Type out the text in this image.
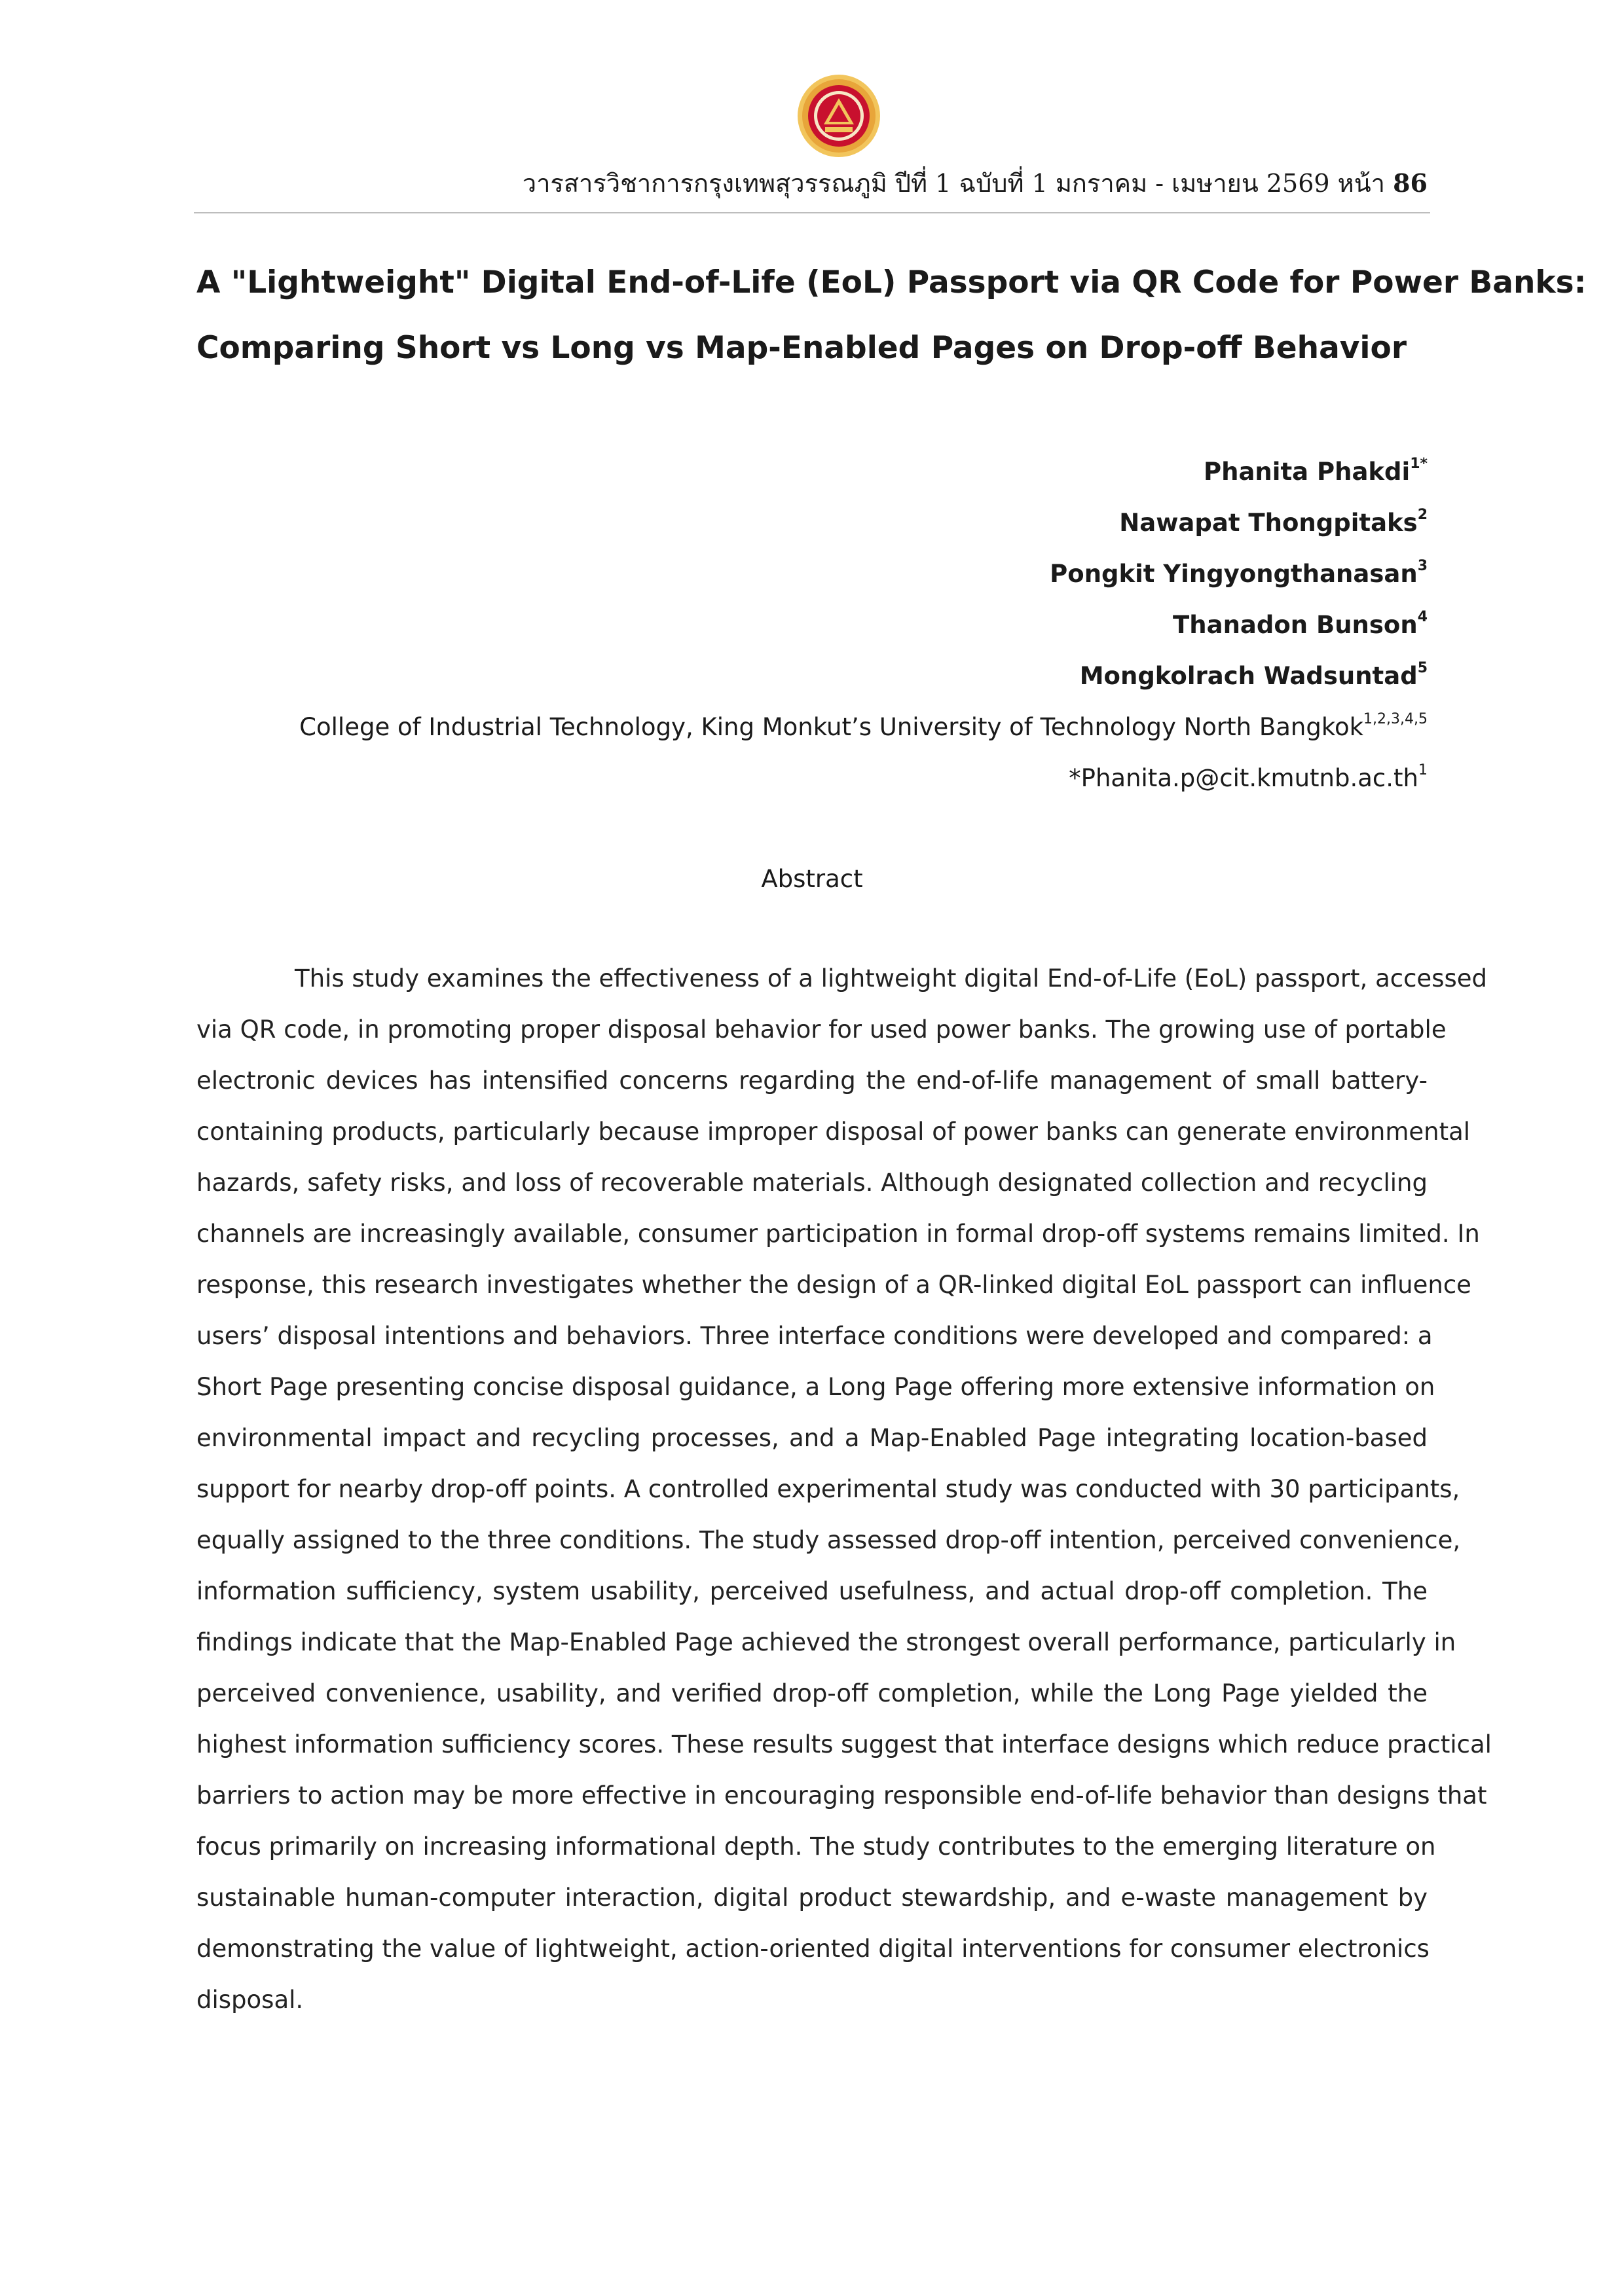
วารสารวิชาการกรุงเทพสุวรรณภูมิ ปีที่ 1 ฉบับที่ 1 มกราคม - เมษายน 2569 หน้า 86
A "Lightweight" Digital End-of-Life (EoL) Passport via QR Code for Power Banks:
Comparing Short vs Long vs Map-Enabled Pages on Drop-off Behavior
Phanita Phakdi$^{1*}$
Nawapat Thongpitaks$^2$
Pongkit Yingyongthanasan$^3$
Thanadon Bunson$^4$
Mongkolrach Wadsuntad$^5$
College of Industrial Technology, King Monkut’s University of Technology North Bangkok$^{1,2,3,4,5}$
$*Phanita.p@cit.kmutnb.ac.th^1$
Abstract
This study examines the effectiveness of a lightweight digital End-of-Life (EoL) passport, accessed
via QR code, in promoting proper disposal behavior for used power banks. The growing use of portable
electronic devices has intensified concerns regarding the end-of-life management of small battery-
containing products, particularly because improper disposal of power banks can generate environmental
hazards, safety risks, and loss of recoverable materials. Although designated collection and recycling
channels are increasingly available, consumer participation in formal drop-off systems remains limited. In
response, this research investigates whether the design of a QR-linked digital EoL passport can influence
users’ disposal intentions and behaviors. Three interface conditions were developed and compared: a
Short Page presenting concise disposal guidance, a Long Page offering more extensive information on
environmental impact and recycling processes, and a Map-Enabled Page integrating location-based
support for nearby drop-off points. A controlled experimental study was conducted with 30 participants,
equally assigned to the three conditions. The study assessed drop-off intention, perceived convenience,
information sufficiency, system usability, perceived usefulness, and actual drop-off completion. The
findings indicate that the Map-Enabled Page achieved the strongest overall performance, particularly in
perceived convenience, usability, and verified drop-off completion, while the Long Page yielded the
highest information sufficiency scores. These results suggest that interface designs which reduce practical
barriers to action may be more effective in encouraging responsible end-of-life behavior than designs that
focus primarily on increasing informational depth. The study contributes to the emerging literature on
sustainable human-computer interaction, digital product stewardship, and e-waste management by
demonstrating the value of lightweight, action-oriented digital interventions for consumer electronics
disposal.
